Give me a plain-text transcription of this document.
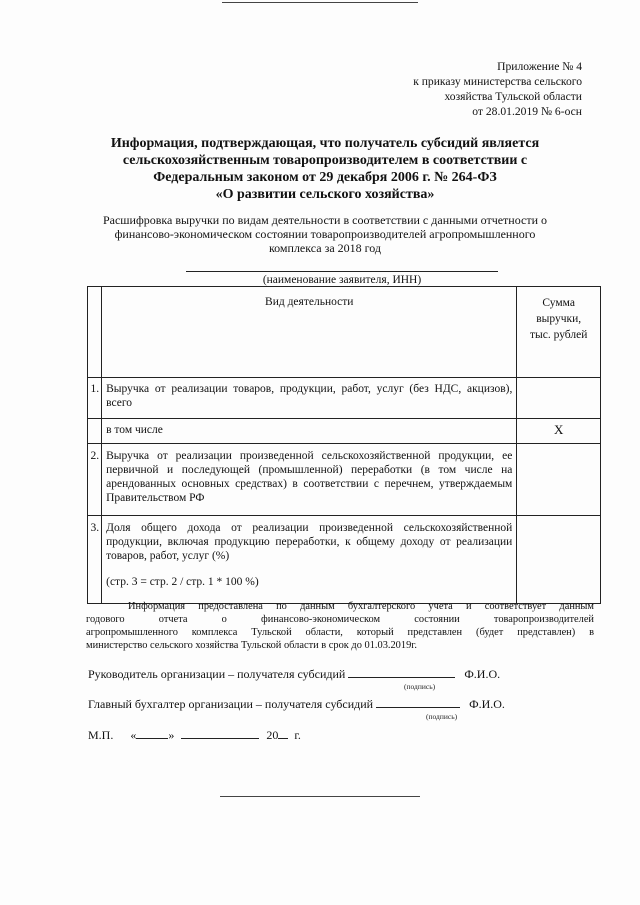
Приложение № 4
к приказу министерства сельского
хозяйства Тульской области
от 28.01.2019 № 6-осн
Информация, подтверждающая, что получатель субсидий является
сельскохозяйственным товаропроизводителем в соответствии с
Федеральным законом от 29 декабря 2006 г. № 264-ФЗ
«О развитии сельского хозяйства»
Расшифровка выручки по видам деятельности в соответствии с данными отчетности о
финансово-экономическом состоянии товаропроизводителей агропромышленного
комплекса за 2018 год
(наименование заявителя, ИНН)
	Вид деятельности	Сумма
выручки,
тыс. рублей

1.	Выручка от реализации товаров, продукции, работ, услуг (без НДС, акцизов), всего	
	в том числе	Х
2.	Выручка от реализации произведенной сельскохозяйственной продукции, ее первичной и последующей (промышленной) переработки (в том числе на арендованных основных средствах) в соответствии с перечнем, утверждаемым Правительством РФ	
3.	Доля общего дохода от реализации произведенной сельскохозяйственной продукции, включая продукцию переработки, к общему доходу от реализации товаров, работ, услуг (%)
(стр. 3 = стр. 2 / стр. 1 * 100 %)	

Информация предоставлена по данным бухгалтерского учета и соответствует данным
годового отчета о финансово-экономическом состоянии товаропроизводителей
агропромышленного комплекса Тульской области, который представлен (будет представлен) в
министерство сельского хозяйства Тульской области в срок до 01.03.2019г.
Руководитель организации – получателя субсидий	Ф.И.О.
(подпись)
Главный бухгалтер организации – получателя субсидий	Ф.И.О.
(подпись)
М.П. «	»	20 г.
